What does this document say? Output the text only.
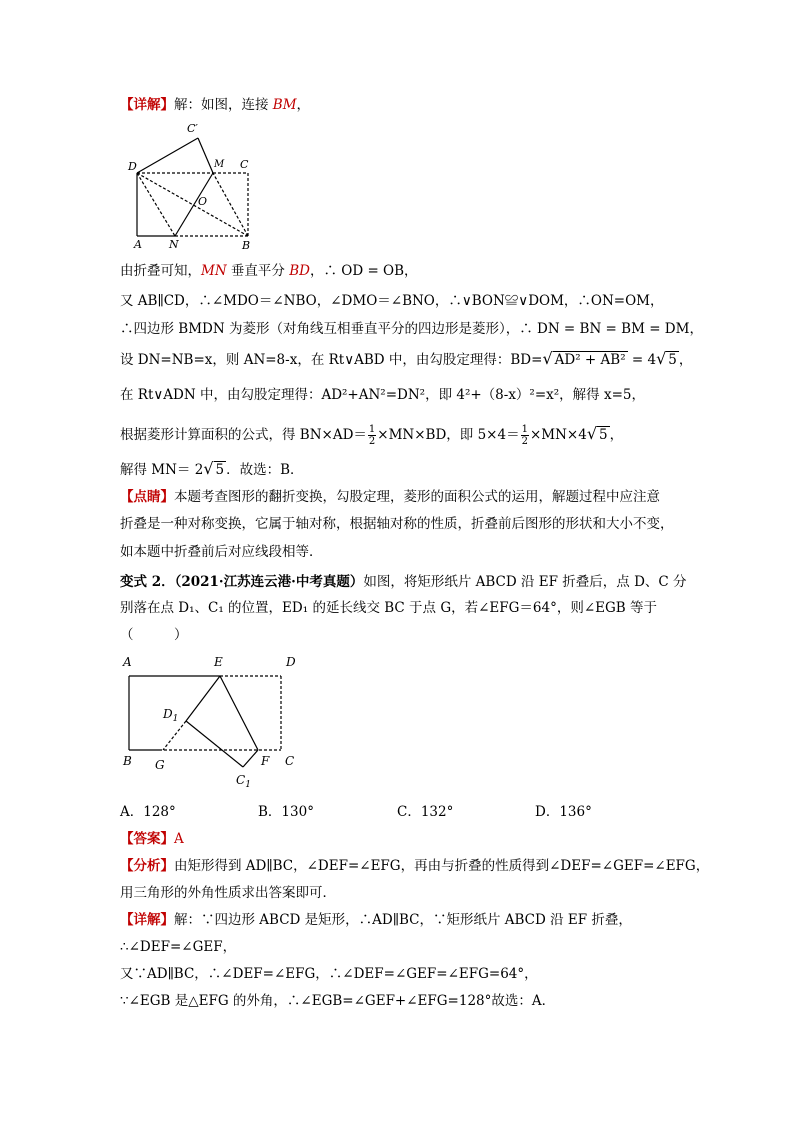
【详解】解：如图，连接 BM，
C′
D	M C
O
A N	B
由折叠可知，MN 垂直平分 BD，∴ OD = OB，
又 AB∥CD，∴∠MDO＝∠NBO，∠DMO＝∠BNO，∴∨BON≌∨DOM，∴ON=OM，
∴四边形 BMDN 为菱形（对角线互相垂直平分的四边形是菱形），∴ DN = BN = BM = DM，
设 DN=NB=x，则 AN=8-x，在 Rt∨ABD 中，由勾股定理得：BD=√ AD² + AB² = 4√ 5 ，
在 Rt∨ADN 中，由勾股定理得：AD²+AN²=DN²，即 4²+（8-x）²=x²，解得 x=5，
根据菱形计算面积的公式，得 $BN\times AD= \frac{1}{2} \times MN\times BD$，即 $5\times 4= \frac{1}{2} \times MN\times 4√$ 5 ，
解得 MN＝ 2√ 5 ．故选：B．
【点睛】本题考查图形的翻折变换，勾股定理，菱形的面积公式的运用，解题过程中应注意
折叠是一种对称变换，它属于轴对称，根据轴对称的性质，折叠前后图形的形状和大小不变，
如本题中折叠前后对应线段相等．
变式 2．（2021·江苏连云港·中考真题）如图，将矩形纸片 ABCD 沿 EF 折叠后，点 D、C 分
别落在点 D₁、C₁ 的位置，ED₁ 的延长线交 BC 于点 G，若∠EFG＝64°，则∠EGB 等于
（　　　）
A	E	D
$D_1$
B G	F C
$C_1$
A．128°	B．130°	C．132°	D．136°
【答案】A
【分析】由矩形得到 AD∥BC，∠DEF=∠EFG，再由与折叠的性质得到∠DEF=∠GEF=∠EFG，
用三角形的外角性质求出答案即可．
【详解】解：∵四边形 ABCD 是矩形，∴AD∥BC，∵矩形纸片 ABCD 沿 EF 折叠，
∴∠DEF=∠GEF，
又∵AD∥BC，∴∠DEF=∠EFG，∴∠DEF=∠GEF=∠EFG=64°，
∵∠EGB 是△EFG 的外角，∴∠EGB=∠GEF+∠EFG=128°故选：A．
